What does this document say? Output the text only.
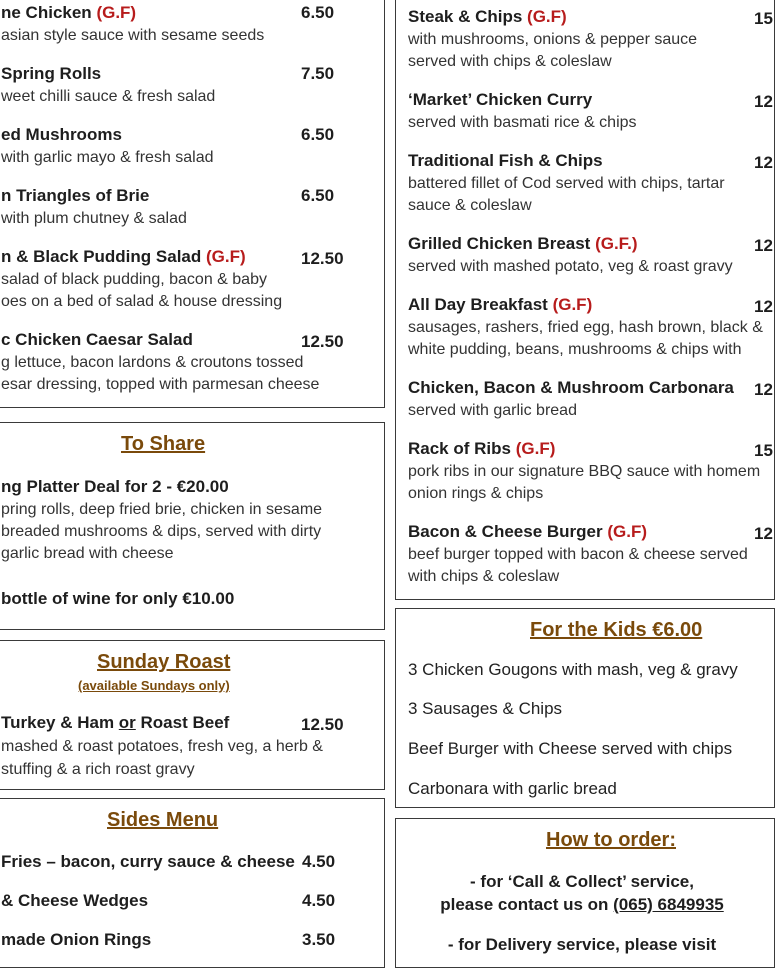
ne Chicken (G.F)	6.50
asian style sauce with sesame seeds
Spring Rolls	7.50
weet chilli sauce & fresh salad
ed Mushrooms	6.50
with garlic mayo & fresh salad
n Triangles of Brie	6.50
with plum chutney & salad
n & Black Pudding Salad (G.F)	12.50
salad of black pudding, bacon & baby
oes on a bed of salad & house dressing
c Chicken Caesar Salad	12.50
g lettuce, bacon lardons & croutons tossed
esar dressing, topped with parmesan cheese
To Share
ng Platter Deal for 2 - €20.00
pring rolls, deep fried brie, chicken in sesame
breaded mushrooms & dips, served with dirty
garlic bread with cheese
bottle of wine for only €10.00
Sunday Roast
(available Sundays only)
Turkey & Ham or Roast Beef	12.50
mashed & roast potatoes, fresh veg, a herb &
stuffing & a rich roast gravy
Sides Menu
Fries – bacon, curry sauce & cheese 4.50
& Cheese Wedges	4.50
made Onion Rings	3.50
Steak & Chips (G.F)	15
with mushrooms, onions & pepper sauce
served with chips & coleslaw
‘Market’ Chicken Curry	12
served with basmati rice & chips
Traditional Fish & Chips	12
battered fillet of Cod served with chips, tartar
sauce & coleslaw
Grilled Chicken Breast (G.F.)	12
served with mashed potato, veg & roast gravy
All Day Breakfast (G.F)	12
sausages, rashers, fried egg, hash brown, black &
white pudding, beans, mushrooms & chips with
Chicken, Bacon & Mushroom Carbonara 12
served with garlic bread
Rack of Ribs (G.F)	15
pork ribs in our signature BBQ sauce with homem
onion rings & chips
Bacon & Cheese Burger (G.F)	12
beef burger topped with bacon & cheese served
with chips & coleslaw
For the Kids €6.00
3 Chicken Gougons with mash, veg & gravy
3 Sausages & Chips
Beef Burger with Cheese served with chips
Carbonara with garlic bread
How to order:
- for ‘Call & Collect’ service,
please contact us on (065) 6849935
- for Delivery service, please visit
